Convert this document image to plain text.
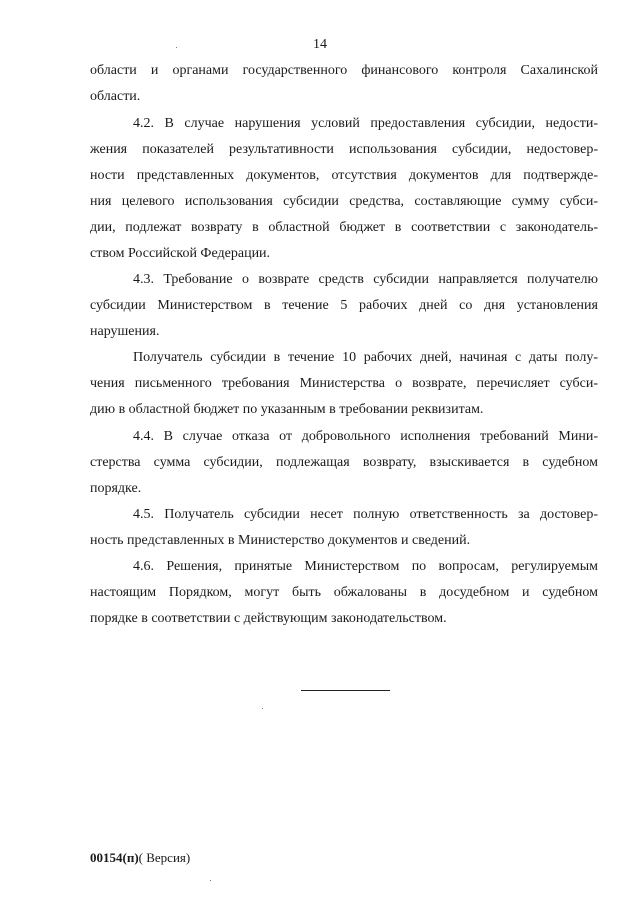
14
области и органами государственного финансового контроля Сахалинской
области.
4.2. В случае нарушения условий предоставления субсидии, недости-
жения показателей результативности использования субсидии, недостовер-
ности представленных документов, отсутствия документов для подтвержде-
ния целевого использования субсидии средства, составляющие сумму субси-
дии, подлежат возврату в областной бюджет в соответствии с законодатель-
ством Российской Федерации.
4.3. Требование о возврате средств субсидии направляется получателю
субсидии Министерством в течение 5 рабочих дней со дня установления
нарушения.
Получатель субсидии в течение 10 рабочих дней, начиная с даты полу-
чения письменного требования Министерства о возврате, перечисляет субси-
дию в областной бюджет по указанным в требовании реквизитам.
4.4. В случае отказа от добровольного исполнения требований Мини-
стерства сумма субсидии, подлежащая возврату, взыскивается в судебном
порядке.
4.5. Получатель субсидии несет полную ответственность за достовер-
ность представленных в Министерство документов и сведений.
4.6. Решения, принятые Министерством по вопросам, регулируемым
настоящим Порядком, могут быть обжалованы в досудебном и судебном
порядке в соответствии с действующим законодательством.
00154(п)( Версия)
